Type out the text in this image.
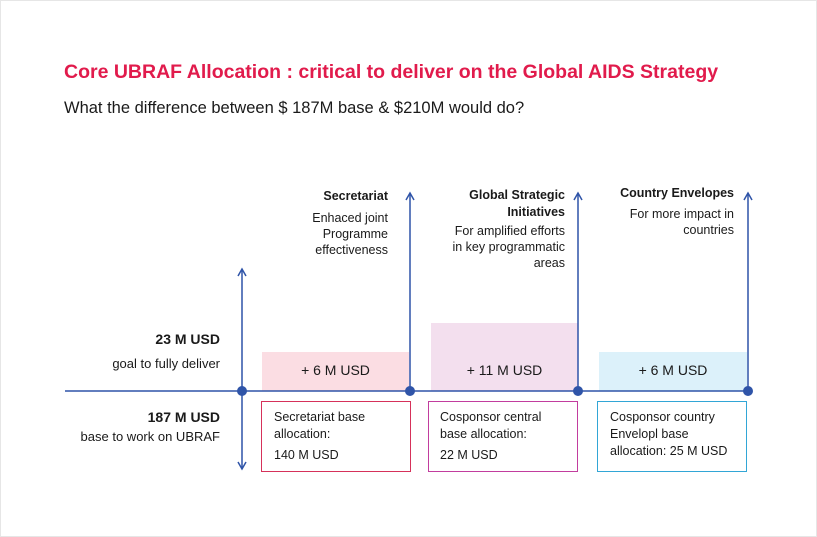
Core UBRAF Allocation : critical to deliver on the Global AIDS Strategy
What the difference between $ 187M base & $210M would do?
23 M USD
goal to fully deliver
187 M USD
base to work on UBRAF
Secretariat
Enhaced joint
Programme
effectiveness
Global Strategic
Initiatives
For amplified efforts
in key programmatic
areas
Country Envelopes
For more impact in
countries
+ 6 M USD	+ 11 M USD	+ 6 M USD
Secretariat base
allocation:
140 M USD
Cosponsor central
base allocation:
22 M USD
Cosponsor country
Envelopl base
allocation: 25 M USD
